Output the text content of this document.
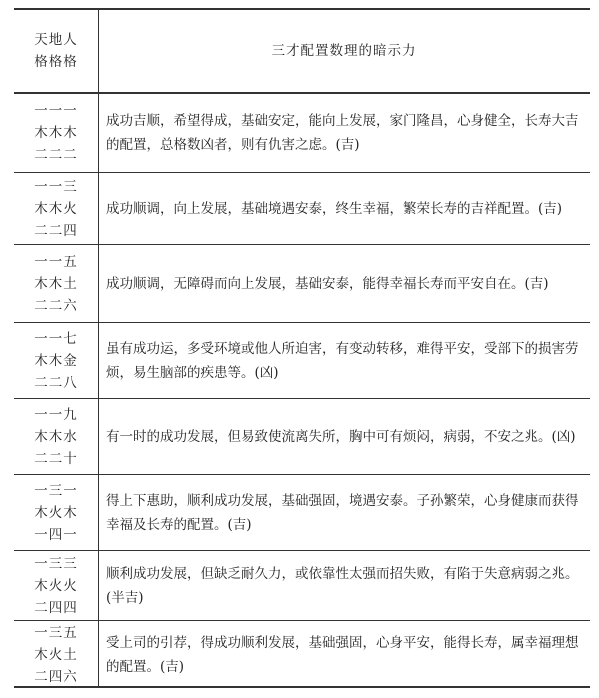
天地人
格格格
三才配置数理的暗示力
一一一
木木木
二二二
成功吉顺，希望得成，基础安定，能向上发展，家门隆昌，心身健全，长寿大吉的配置，总格数凶者，则有仇害之虑。(吉)
一一三
木木火
二二四
成功顺调，向上发展，基础境遇安泰，终生幸福，繁荣长寿的吉祥配置。(吉)
一一五
木木土
二二六
成功顺调，无障碍而向上发展，基础安泰，能得幸福长寿而平安自在。(吉)
一一七
木木金
二二八
虽有成功运，多受环境或他人所迫害，有变动转移，难得平安，受部下的损害劳烦，易生脑部的疾患等。(凶)
一一九
木木水
二二十
有一时的成功发展，但易致使流离失所，胸中可有烦闷，病弱，不安之兆。(凶)
一三一
木火木
一四一
得上下惠助，顺利成功发展，基础强固，境遇安泰。子孙繁荣，心身健康而获得幸福及长寿的配置。(吉)
一三三
木火火
二四四
顺利成功发展，但缺乏耐久力，或依靠性太强而招失败，有陷于失意病弱之兆。(半吉)
一三五
木火土
二四六
受上司的引荐，得成功顺利发展，基础强固，心身平安，能得长寿，属幸福理想的配置。(吉)
